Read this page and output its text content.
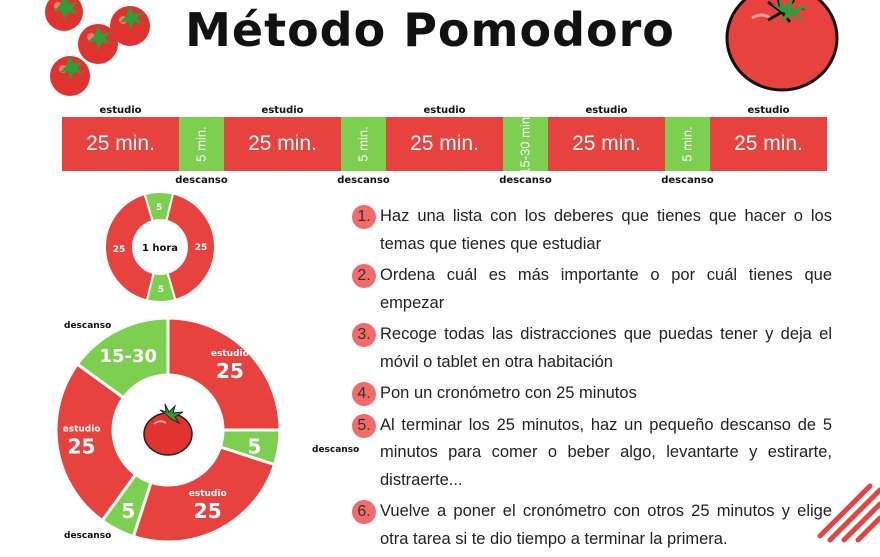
Método Pomodoro
25 min.	5 min. 25 min.	5 min. 25 min.	15-30 min. 25 min.	5 min. 25 min.
estudio
descanso
estudio
descanso
estudio
descanso
estudio
descanso
estudio
5
25
5
25 1 hora
25
estudio
5	descanso
25
estudio
5
descanso
25
estudio
15-30
descanso
1. Haz una lista con los deberes que tienes que hacer o los temas que tienes que estudiar
2. Ordena cuál es más importante o por cuál tienes que empezar
3. Recoge todas las distracciones que puedas tener y deja el móvil o tablet en otra habitación
4. Pon un cronómetro con 25 minutos
5. Al terminar los 25 minutos, haz un pequeño descanso de 5 minutos para comer o beber algo, levantarte y estirarte, distraerte...
6. Vuelve a poner el cronómetro con otros 25 minutos y elige otra tarea si te dio tiempo a terminar la primera.
